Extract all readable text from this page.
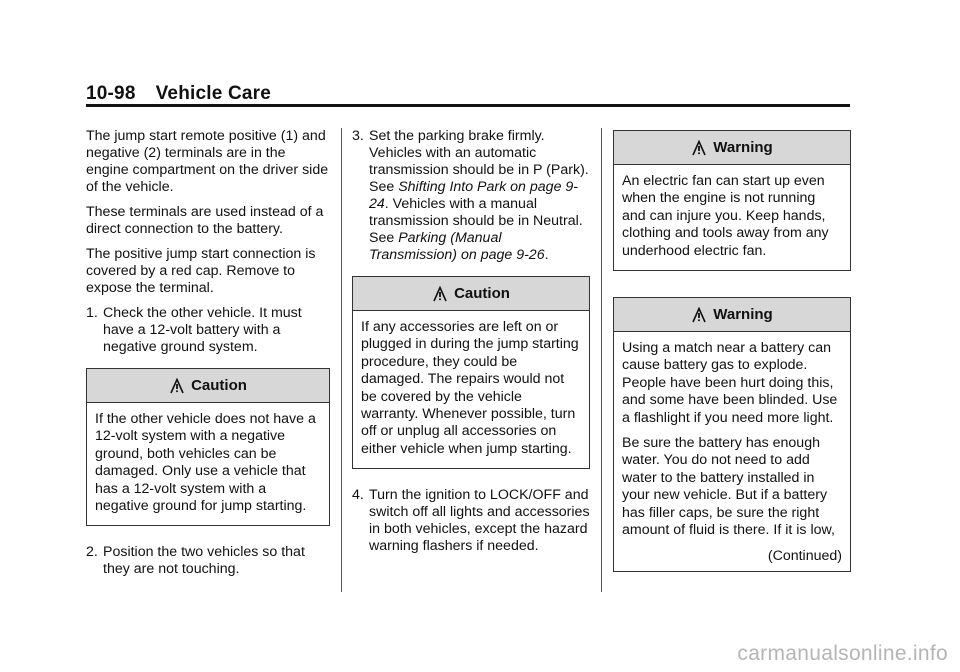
10-98 Vehicle Care

The jump start remote positive (1) and negative (2) terminals are in the engine compartment on the driver side of the vehicle.

These terminals are used instead of a direct connection to the battery.

The positive jump start connection is covered by a red cap. Remove to expose the terminal.

1. Check the other vehicle. It must have a 12-volt battery with a negative ground system.
Caution

If the other vehicle does not have a 12-volt system with a negative ground, both vehicles can be damaged. Only use a vehicle that has a 12-volt system with a negative ground for jump starting.

2. Position the two vehicles so that they are not touching.
3. Set the parking brake firmly. Vehicles with an automatic transmission should be in P (Park). See Shifting Into Park on page 9-24. Vehicles with a manual transmission should be in Neutral. See Parking (Manual Transmission) on page 9-26.
Caution

If any accessories are left on or plugged in during the jump starting procedure, they could be damaged. The repairs would not be covered by the vehicle warranty. Whenever possible, turn off or unplug all accessories on either vehicle when jump starting.

4. Turn the ignition to LOCK/OFF and switch off all lights and accessories in both vehicles, except the hazard warning flashers if needed.
Warning

An electric fan can start up even when the engine is not running and can injure you. Keep hands, clothing and tools away from any underhood electric fan.

Warning

Using a match near a battery can cause battery gas to explode. People have been hurt doing this, and some have been blinded. Use a flashlight if you need more light.

Be sure the battery has enough water. You do not need to add water to the battery installed in your new vehicle. But if a battery has filler caps, be sure the right amount of fluid is there. If it is low,

(Continued)
carmanualsonline.info
